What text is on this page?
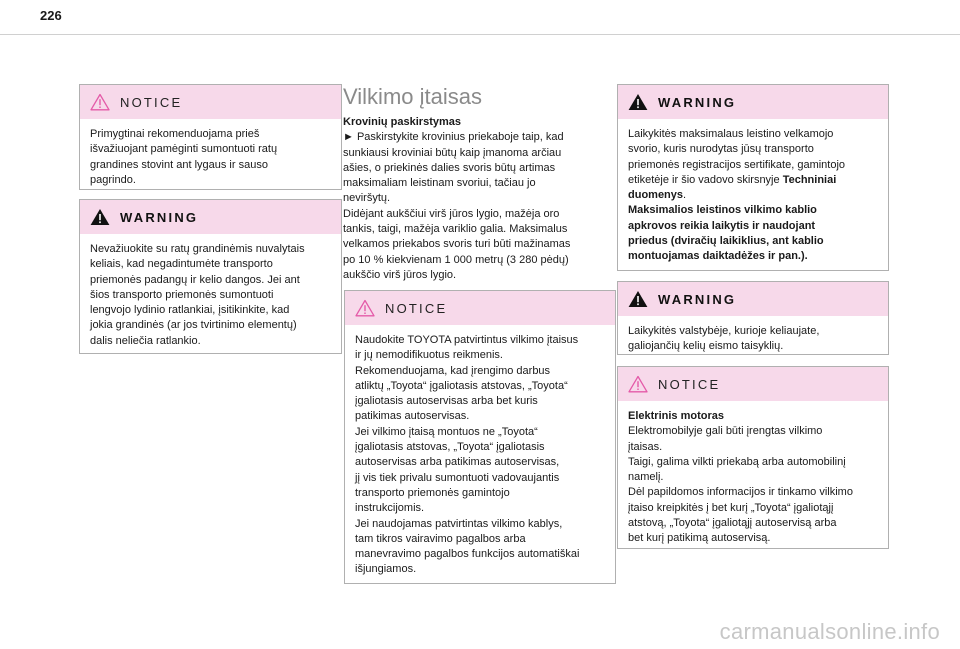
226
NOTICE
Primygtinai rekomenduojama prieš
išvažiuojant pamėginti sumontuoti ratų
grandines stovint ant lygaus ir sauso
pagrindo.
WARNING
Nevažiuokite su ratų grandinėmis nuvalytais
keliais, kad negadintumėte transporto
priemonės padangų ir kelio dangos. Jei ant
šios transporto priemonės sumontuoti
lengvojo lydinio ratlankiai, įsitikinkite, kad
jokia grandinės (ar jos tvirtinimo elementų)
dalis neliečia ratlankio.
Vilkimo įtaisas
Krovinių paskirstymas
► Paskirstykite krovinius priekaboje taip, kad
sunkiausi kroviniai būtų kaip įmanoma arčiau
ašies, o priekinės dalies svoris būtų artimas
maksimaliam leistinam svoriui, tačiau jo
neviršytų.
Didėjant aukščiui virš jūros lygio, mažėja oro
tankis, taigi, mažėja variklio galia. Maksimalus
velkamos priekabos svoris turi būti mažinamas
po 10 % kiekvienam 1 000 metrų (3 280 pėdų)
aukščio virš jūros lygio.
NOTICE
Naudokite TOYOTA patvirtintus vilkimo įtaisus
ir jų nemodifikuotus reikmenis.
Rekomenduojama, kad įrengimo darbus
atliktų „Toyota“ įgaliotasis atstovas, „Toyota“
įgaliotasis autoservisas arba bet kuris
patikimas autoservisas.
Jei vilkimo įtaisą montuos ne „Toyota“
įgaliotasis atstovas, „Toyota“ įgaliotasis
autoservisas arba patikimas autoservisas,
jį vis tiek privalu sumontuoti vadovaujantis
transporto priemonės gamintojo
instrukcijomis.
Jei naudojamas patvirtintas vilkimo kablys,
tam tikros vairavimo pagalbos arba
manevravimo pagalbos funkcijos automatiškai
išjungiamos.
WARNING
Laikykitės maksimalaus leistino velkamojo
svorio, kuris nurodytas jūsų transporto
priemonės registracijos sertifikate, gamintojo
etiketėje ir šio vadovo skirsnyje Techniniai
duomenys.
Maksimalios leistinos vilkimo kablio
apkrovos reikia laikytis ir naudojant
priedus (dviračių laikiklius, ant kablio
montuojamas daiktadėžes ir pan.).
WARNING
Laikykitės valstybėje, kurioje keliaujate,
galiojančių kelių eismo taisyklių.
NOTICE
Elektrinis motoras
Elektromobilyje gali būti įrengtas vilkimo
įtaisas.
Taigi, galima vilkti priekabą arba automobilinį
namelį.
Dėl papildomos informacijos ir tinkamo vilkimo
įtaiso kreipkitės į bet kurį „Toyota“ įgaliotąjį
atstovą, „Toyota“ įgaliotąjį autoservisą arba
bet kurį patikimą autoservisą.
carmanualsonline.info
